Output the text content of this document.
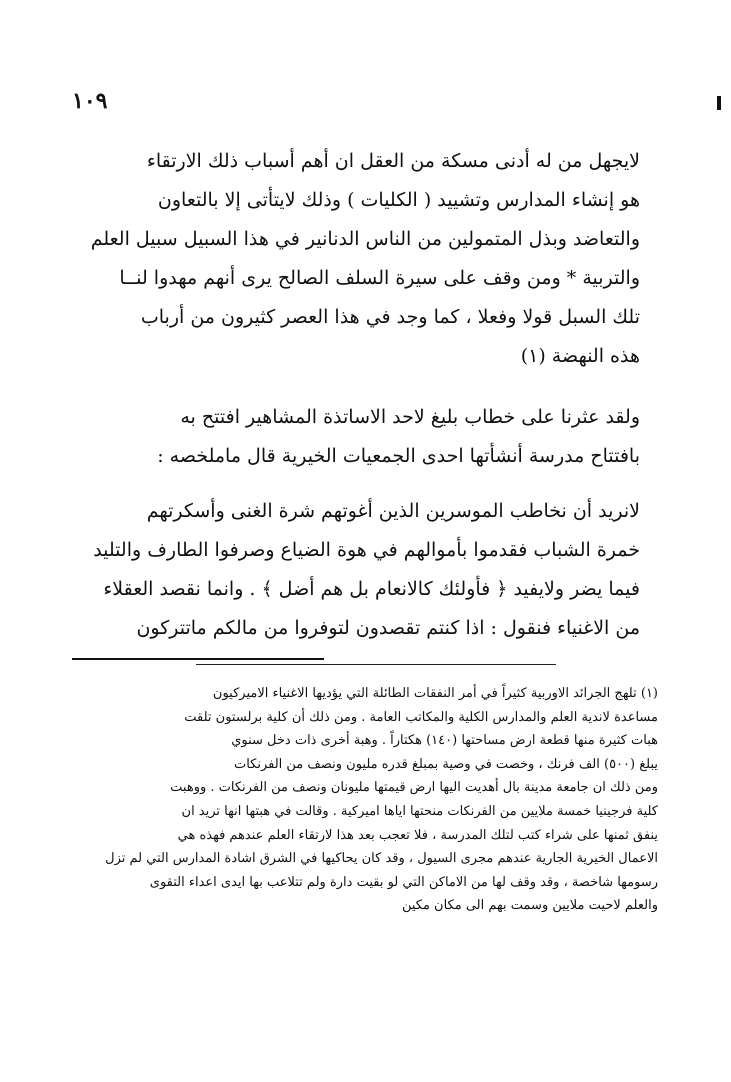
١٠٩
لايجهل من له أدنى مسكة من العقل ان أهم أسباب ذلك الارتقاء
هو إنشاء المدارس وتشييد ( الكليات ) وذلك لايتأتى إلا بالتعاون
والتعاضد وبذل المتمولين من الناس الدنانير في هذا السبيل سبيل العلم
والتربية * ومن وقف على سيرة السلف الصالح يرى أنهم مهدوا لنــا
تلك السبل قولا وفعلا ، كما وجد في هذا العصر كثيرون من أرباب
هذه النهضة (١)
ولقد عثرنا على خطاب بليغ لاحد الاساتذة المشاهير افتتح به
بافتتاح مدرسة أنشأتها احدى الجمعيات الخيرية قال ماملخصه :
لانريد أن نخاطب الموسرين الذين أغوتهم شرة الغنى وأسكرتهم
خمرة الشباب فقدموا بأموالهم في هوة الضياع وصرفوا الطارف والتليد
فيما يضر ولايفيد ﴿ فأولئك كالانعام بل هم أضل ﴾ . وانما نقصد العقلاء
من الاغنياء فنقول : اذا كنتم تقصدون لتوفروا من مالكم ماتتركون
(١) تلهج الجرائد الاوربية كثيراً في أمر النفقات الطائلة التي يؤديها الاغنياء الاميركيون
مساعدة لاندية العلم والمدارس الكلية والمكاتب العامة . ومن ذلك أن كلية برلستون تلقت
هبات كثيرة منها قطعة ارض مساحتها (١٤٠) هكتاراً . وهبة أخرى ذات دخل سنوي
يبلغ (٥٠٠) الف فرنك ، وخصت في وصية بمبلغ قدره مليون ونصف من الفرنكات
ومن ذلك ان جامعة مدينة بال أهديت اليها ارض قيمتها مليونان ونصف من الفرنكات . ووهبت
كلية فرجينيا خمسة ملايين من الفرنكات منحتها اياها اميركية . وقالت في هبتها انها تريد ان
ينفق ثمنها على شراء كتب لتلك المدرسة ، فلا تعجب بعد هذا لارتقاء العلم عندهم فهذه هي
الاعمال الخيرية الجارية عندهم مجرى السيول ، وقد كان يحاكيها في الشرق اشادة المدارس التي لم تزل
رسومها شاخصة ، وقد وقف لها من الاماكن التي لو بقيت دارة ولم تتلاعب بها ايدى اعداء التقوى
والعلم لاحيت ملايين وسمت بهم الى مكان مكين
